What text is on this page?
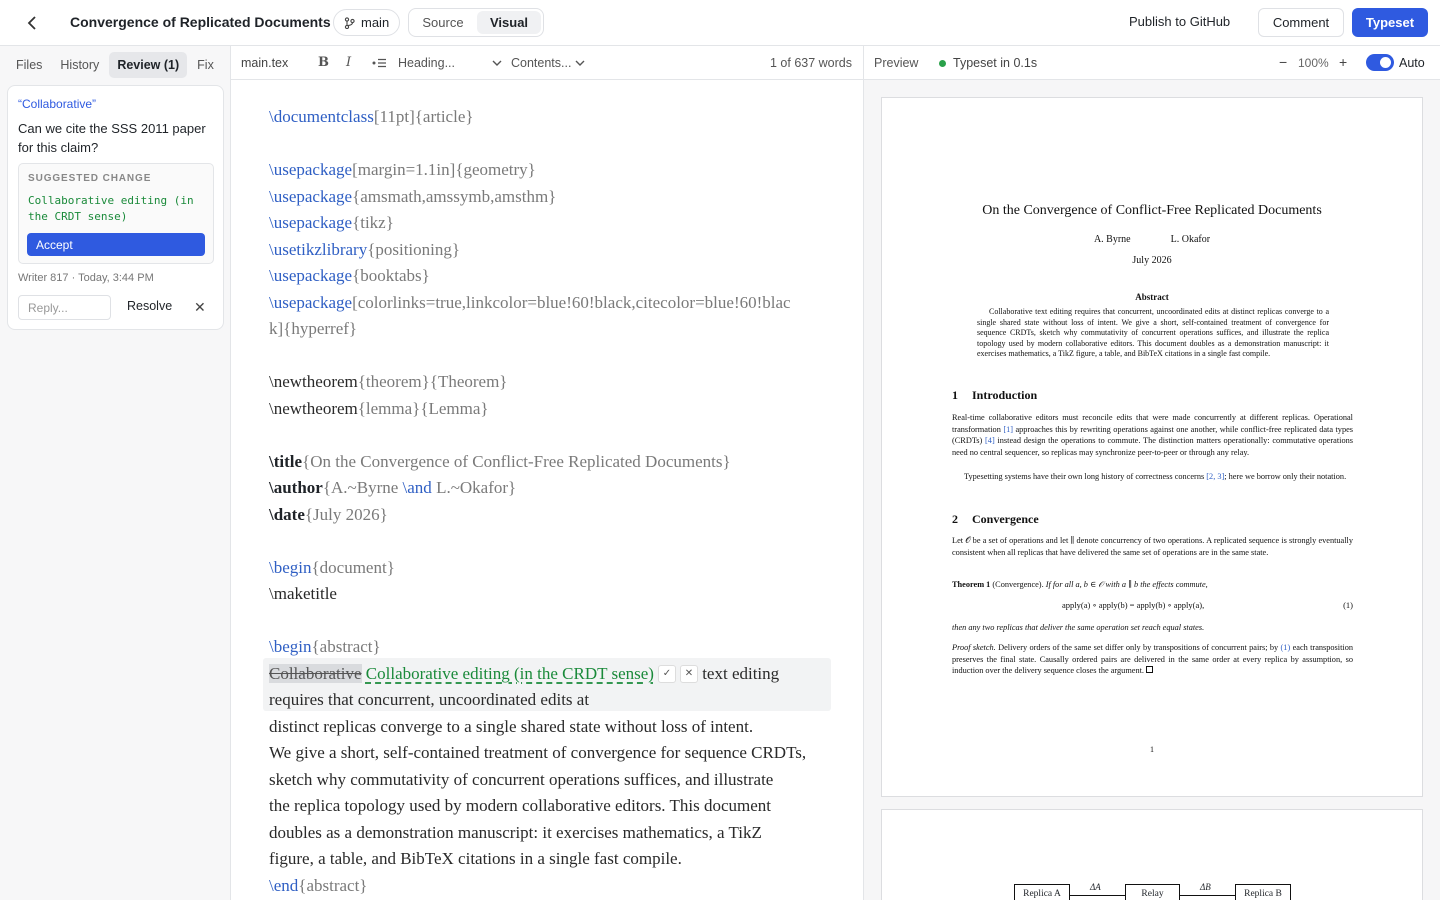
Convergence of Replicated Documents main	Source	Visual	Publish to GitHub	Comment	Typeset
Files	History	Review (1)	Fix
“Collaborative”
Can we cite the SSS 2011 paper for this claim?
SUGGESTED CHANGE
Collaborative editing (in the CRDT sense)
Accept
Writer 817 · Today, 3:44 PM
Reply...
Resolve ✕
main.tex B I	Heading...	Contents...	1 of 637 words
\documentclass[11pt]{article}
\usepackage[margin=1.1in]{geometry}
\usepackage{amsmath,amssymb,amsthm}
\usepackage{tikz}
\usetikzlibrary{positioning}
\usepackage{booktabs}
\usepackage[colorlinks=true,linkcolor=blue!60!black,citecolor=blue!60!blac
k]{hyperref}
\newtheorem{theorem}{Theorem}
\newtheorem{lemma}{Lemma}
\title{On the Convergence of Conflict-Free Replicated Documents}
\author{A.~Byrne \and L.~Okafor}
\date{July 2026}
\begin{document}
\maketitle
\begin{abstract}
Collaborative Collaborative editing (in the CRDT sense) ✓ ✕ text editing
requires that concurrent, uncoordinated edits at
distinct replicas converge to a single shared state without loss of intent.
We give a short, self-contained treatment of convergence for sequence CRDTs,
sketch why commutativity of concurrent operations suffices, and illustrate
the replica topology used by modern collaborative editors. This document
doubles as a demonstration manuscript: it exercises mathematics, a TikZ
figure, a table, and BibTeX citations in a single fast compile.
\end{abstract}
Preview	Typeset in 0.1s	− 100% +	Auto
On the Convergence of Conflict-Free Replicated Documents
A. Byrne	L. Okafor
July 2026
Abstract
Collaborative text editing requires that concurrent, uncoordinated edits at distinct replicas converge to a single shared state without loss of intent. We give a short, self-contained treatment of convergence for sequence CRDTs, sketch why commutativity of concurrent operations suffices, and illustrate the replica topology used by modern collaborative editors. This document doubles as a demonstration manuscript: it exercises mathematics, a TikZ figure, a table, and BibTeX citations in a single fast compile.
1 Introduction
Real-time collaborative editors must reconcile edits that were made concurrently at different replicas. Operational transformation [1] approaches this by rewriting operations against one another, while conflict-free replicated data types (CRDTs) [4] instead design the operations to commute. The distinction matters operationally: commutative operations need no central sequencer, so replicas may synchronize peer-to-peer or through any relay.
Typesetting systems have their own long history of correctness concerns [2, 3]; here we borrow only their notation.
2 Convergence
Let 𝒪 be a set of operations and let ∥ denote concurrency of two operations. A replicated sequence is strongly eventually consistent when all replicas that have delivered the same set of operations are in the same state.
Theorem 1 (Convergence). If for all a, b ∈ 𝒪 with a ∥ b the effects commute,
apply(a) ∘ apply(b) = apply(b) ∘ apply(a),	(1)
then any two replicas that deliver the same operation set reach equal states.
Proof sketch. Delivery orders of the same set differ only by transpositions of concurrent pairs; by (1) each transposition preserves the final state. Causally ordered pairs are delivered in the same order at every replica by assumption, so induction over the delivery sequence closes the argument.
1
Replica A	Relay	Replica B
ΔA	ΔB
